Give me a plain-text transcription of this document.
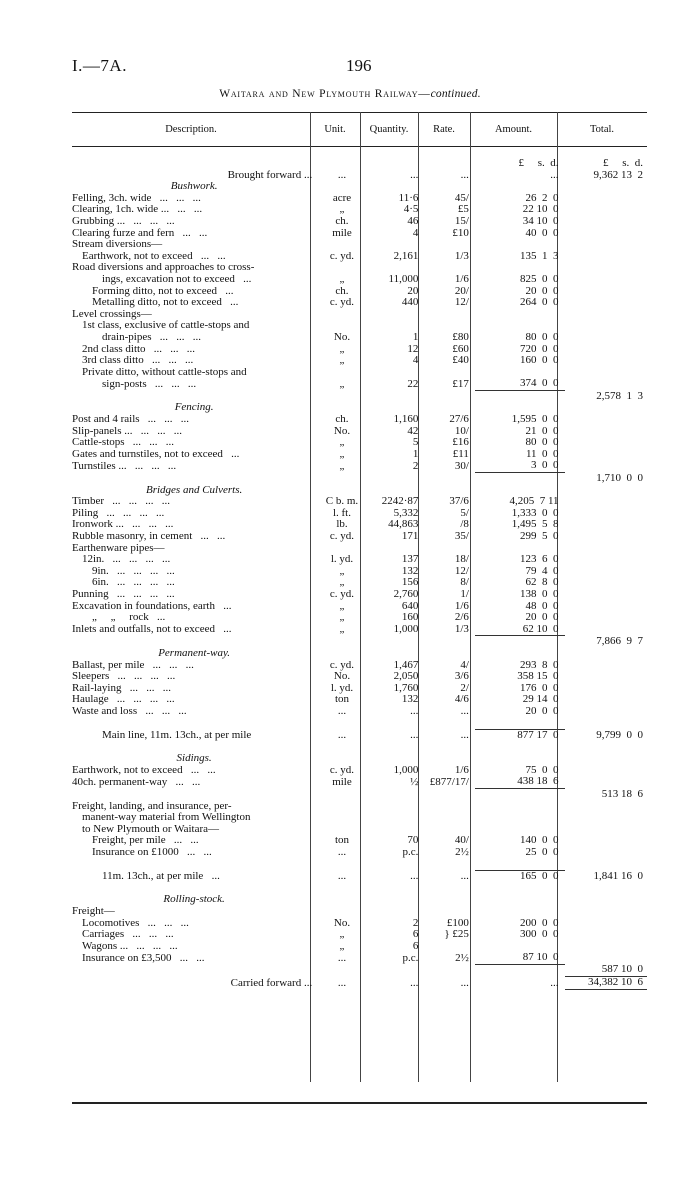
I.—7A.	196
Waitara and New Plymouth Railway—continued.
Description.	Unit.	Quantity.	Rate.	Amount.	Total.
				£     s.  d.	£     s.  d.
Brought forward ...	...	...	...	...	9,362 13  2
Bushwork.					
Felling, 3ch. wide   ...   ...   ...	acre	11·6	45/	26  2  0	
Clearing, 1ch. wide ...   ...   ...	„	4·5	£5	22 10  0	
Grubbing ...   ...   ...   ...	ch.	46	15/	34 10  0	
Clearing furze and fern   ...   ...	mile	4	£10	40  0  0	
Stream diversions—					
Earthwork, not to exceed   ...   ...	c. yd.	2,161	1/3	135  1  3	
Road diversions and approaches to cross-					
ings, excavation not to exceed   ...	„	11,000	1/6	825  0  0	
Forming ditto, not to exceed   ...	ch.	20	20/	20  0  0	
Metalling ditto, not to exceed   ...	c. yd.	440	12/	264  0  0	
Level crossings—					
1st class, exclusive of cattle-stops and					
drain-pipes   ...   ...   ...	No.	1	£80	80  0  0	
2nd class ditto   ...   ...   ...	„	12	£60	720  0  0	
3rd class ditto   ...   ...   ...	„	4	£40	160  0  0	
Private ditto, without cattle-stops and					
sign-posts   ...   ...   ...	„	22	£17	374  0  0	
					2,578  1  3
Fencing.					
Post and 4 rails   ...   ...   ...	ch.	1,160	27/6	1,595  0  0	
Slip-panels ...   ...   ...   ...	No.	42	10/	21  0  0	
Cattle-stops   ...   ...   ...	„	5	£16	80  0  0	
Gates and turnstiles, not to exceed   ...	„	1	£11	11  0  0	
Turnstiles ...   ...   ...   ...	„	2	30/	3  0  0	
					1,710  0  0
Bridges and Culverts.					
Timber   ...   ...   ...   ...	C b. m.	2242·87	37/6	4,205  7 11	
Piling   ...   ...   ...   ...	l. ft.	5,332	5/	1,333  0  0	
Ironwork ...   ...   ...   ...	lb.	44,863	/8	1,495  5  8	
Rubble masonry, in cement   ...   ...	c. yd.	171	35/	299  5  0	
Earthenware pipes—					
12in.   ...   ...   ...   ...	l. yd.	137	18/	123  6  0	
9in.   ...   ...   ...   ...	„	132	12/	79  4  0	
6in.   ...   ...   ...   ...	„	156	8/	62  8  0	
Punning   ...   ...   ...   ...	c. yd.	2,760	1/	138  0  0	
Excavation in foundations, earth   ...	„	640	1/6	48  0  0	
„     „     rock   ...	„	160	2/6	20  0  0	
Inlets and outfalls, not to exceed   ...	„	1,000	1/3	62 10  0	
					7,866  9  7
Permanent-way.					
Ballast, per mile   ...   ...   ...	c. yd.	1,467	4/	293  8  0	
Sleepers   ...   ...   ...   ...	No.	2,050	3/6	358 15  0	
Rail-laying   ...   ...   ...	l. yd.	1,760	2/	176  0  0	
Haulage   ...   ...   ...   ...	ton	132	4/6	29 14  0	
Waste and loss   ...   ...   ...	...	...	...	20  0  0	

Main line, 11m. 13ch., at per mile	...	...	...	877 17  0	9,799  0  0

Sidings.					
Earthwork, not to exceed   ...   ...	c. yd.	1,000	1/6	75  0  0	
40ch. permanent-way   ...   ...	mile	½	£877/17/	438 18  6	
					513 18  6
Freight, landing, and insurance, per-					
manent-way material from Wellington					
to New Plymouth or Waitara—					
Freight, per mile   ...   ...	ton	70	40/	140  0  0	
Insurance on £1000   ...   ...	...	p.c.	2½	25  0  0	

11m. 13ch., at per mile   ...	...	...	...	165  0  0	1,841 16  0

Rolling-stock.					
Freight—					
Locomotives   ...   ...   ...	No.	2	£100	200  0  0	
Carriages   ...   ...   ...	„	6	} £25	300  0  0	
Wagons ...   ...   ...   ...	„	6			
Insurance on £3,500   ...   ...	...	p.c.	2½	87 10  0	
					587 10  0
Carried forward ...	...	...	...	...	34,382 10  6
